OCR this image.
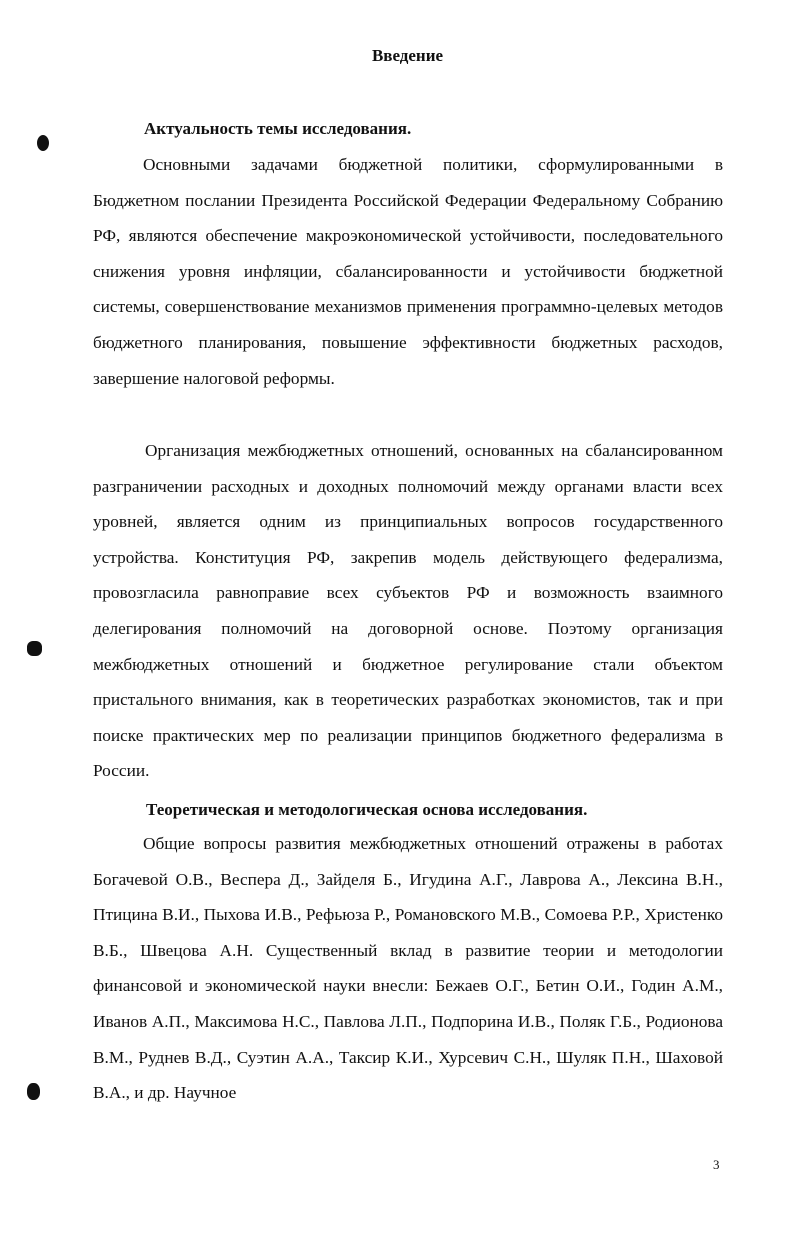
Введение
Актуальность темы исследования.

Основными задачами бюджетной политики, сформулированными в Бюджетном послании Президента Российской Федерации Федеральному Собранию РФ, являются обеспечение макроэкономической устойчивости, последовательного снижения уровня инфляции, сбалансированности и устойчивости бюджетной системы, совершенствование механизмов применения программно-целевых методов бюджетного планирования, повышение эффективности бюджетных расходов, завершение налоговой реформы.

Организация межбюджетных отношений, основанных на сбалансированном разграничении расходных и доходных полномочий между органами власти всех уровней, является одним из принципиальных вопросов государственного устройства. Конституция РФ, закрепив модель действующего федерализма, провозгласила равноправие всех субъектов РФ и возможность взаимного делегирования полномочий на договорной основе. Поэтому организация межбюджетных отношений и бюджетное регулирование стали объектом пристального внимания, как в теоретических разработках экономистов, так и при поиске практических мер по реализации принципов бюджетного федерализма в России.

Теоретическая и методологическая основа исследования.

Общие вопросы развития межбюджетных отношений отражены в работах Богачевой О.В., Веспера Д., Зайделя Б., Игудина А.Г., Лаврова А., Лексина В.Н., Птицина В.И., Пыхова И.В., Рефьюза Р., Романовского М.В., Сомоева Р.Р., Христенко В.Б., Швецова А.Н. Существенный вклад в развитие теории и методологии финансовой и экономической науки внесли: Бежаев О.Г., Бетин О.И., Годин А.М., Иванов А.П., Максимова Н.С., Павлова Л.П., Подпорина И.В., Поляк Г.Б., Родионова В.М., Руднев В.Д., Суэтин А.А., Таксир К.И., Хурсевич С.Н., Шуляк П.Н., Шаховой В.А., и др. Научное

3
